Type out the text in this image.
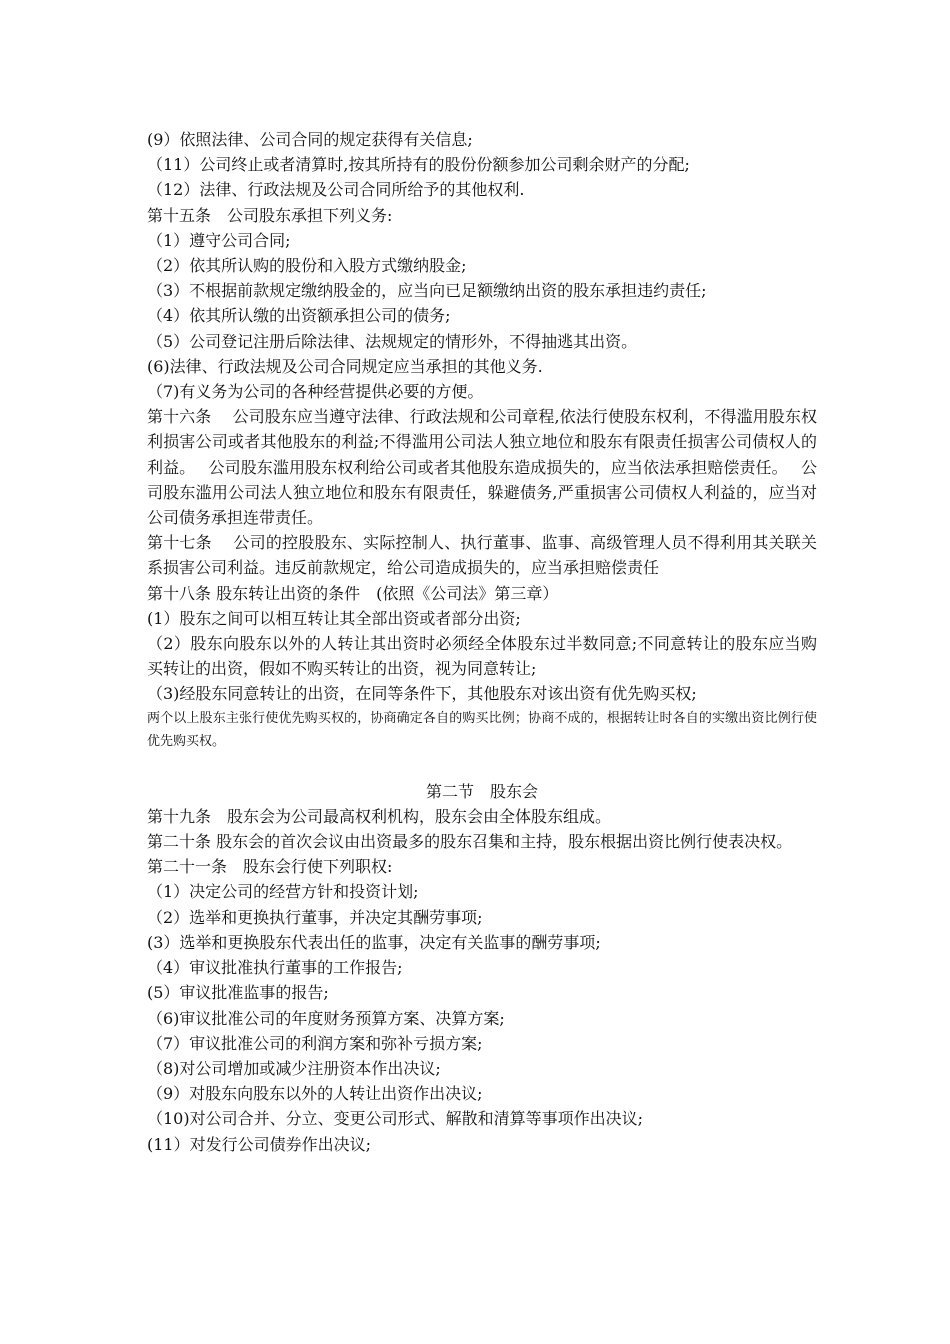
(9）依照法律、公司合同的规定获得有关信息;

（11）公司终止或者清算时,按其所持有的股份份额参加公司剩余财产的分配;

（12）法律、行政法规及公司合同所给予的其他权利.

第十五条　公司股东承担下列义务:

（1）遵守公司合同;

（2）依其所认购的股份和入股方式缴纳股金;

（3）不根据前款规定缴纳股金的，应当向已足额缴纳出资的股东承担违约责任;

（4）依其所认缴的出资额承担公司的债务;

（5）公司登记注册后除法律、法规规定的情形外，不得抽逃其出资。

(6)法律、行政法规及公司合同规定应当承担的其他义务.

（7)有义务为公司的各种经营提供必要的方便。

第十六条　 公司股东应当遵守法律、行政法规和公司章程,依法行使股东权利，不得滥用股东权利损害公司或者其他股东的利益;不得滥用公司法人独立地位和股东有限责任损害公司债权人的利益。　 公司股东滥用股东权利给公司或者其他股东造成损失的，应当依法承担赔偿责任。　 公司股东滥用公司法人独立地位和股东有限责任，躲避债务,严重损害公司债权人利益的，应当对公司债务承担连带责任。

第十七条　 公司的控股股东、实际控制人、执行董事、监事、高级管理人员不得利用其关联关系损害公司利益。违反前款规定，给公司造成损失的，应当承担赔偿责任

第十八条 股东转让出资的条件　(依照《公司法》第三章）

(1）股东之间可以相互转让其全部出资或者部分出资;

（2）股东向股东以外的人转让其出资时必须经全体股东过半数同意;不同意转让的股东应当购买转让的出资，假如不购买转让的出资，视为同意转让;

（3)经股东同意转让的出资，在同等条件下，其他股东对该出资有优先购买权;

两个以上股东主张行使优先购买权的，协商确定各自的购买比例；协商不成的，根据转让时各自的实缴出资比例行使优先购买权。

第二节　股东会

第十九条　股东会为公司最高权利机构，股东会由全体股东组成。

第二十条 股东会的首次会议由出资最多的股东召集和主持，股东根据出资比例行使表决权。

第二十一条　股东会行使下列职权:

（1）决定公司的经营方针和投资计划;

（2）选举和更换执行董事，并决定其酬劳事项;

(3）选举和更换股东代表出任的监事，决定有关监事的酬劳事项;

（4）审议批准执行董事的工作报告;

(5）审议批准监事的报告;

（6)审议批准公司的年度财务预算方案、决算方案;

（7）审议批准公司的利润方案和弥补亏损方案;

（8)对公司增加或减少注册资本作出决议;

（9）对股东向股东以外的人转让出资作出决议;

（10)对公司合并、分立、变更公司形式、解散和清算等事项作出决议;

(11）对发行公司债券作出决议;
